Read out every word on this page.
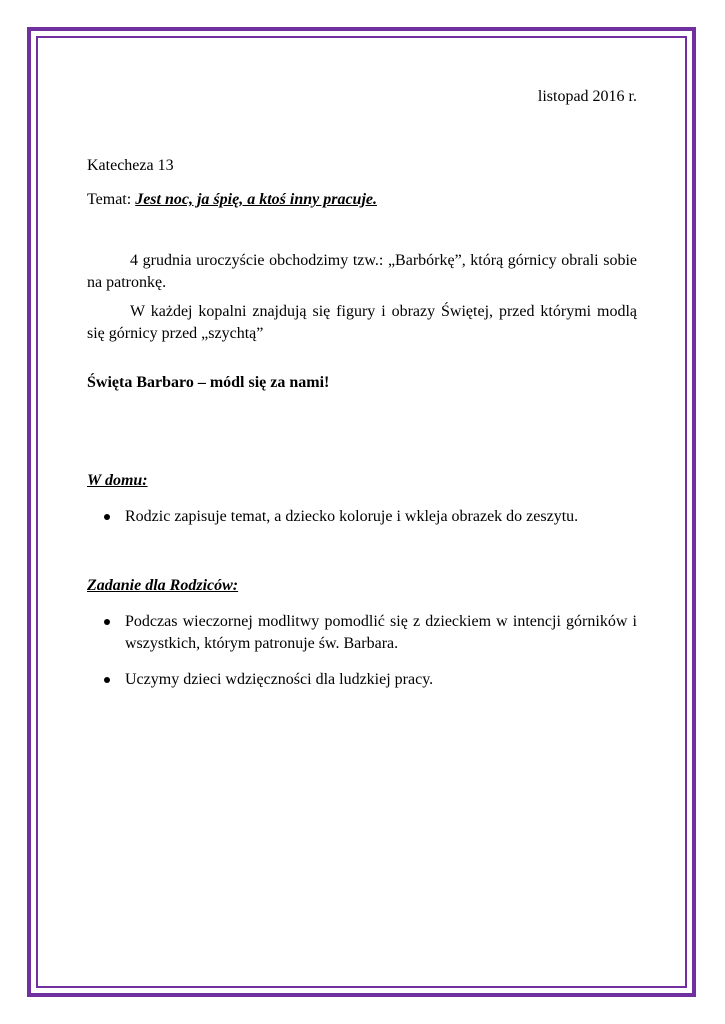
listopad 2016 r.
Katecheza 13
Temat: Jest noc, ja śpię, a ktoś inny pracuje.

4 grudnia uroczyście obchodzimy tzw.: „Barbórkę”, którą górnicy obrali sobie na patronkę.

W każdej kopalni znajdują się figury i obrazy Świętej, przed którymi modlą się górnicy przed „szychtą”

Święta Barbaro – módl się za nami!
W domu:
Rodzic zapisuje temat, a dziecko koloruje i wkleja obrazek do zeszytu.
Zadanie dla Rodziców:
Podczas wieczornej modlitwy pomodlić się z dzieckiem w intencji górników i wszystkich, którym patronuje św. Barbara.
Uczymy dzieci wdzięczności dla ludzkiej pracy.
